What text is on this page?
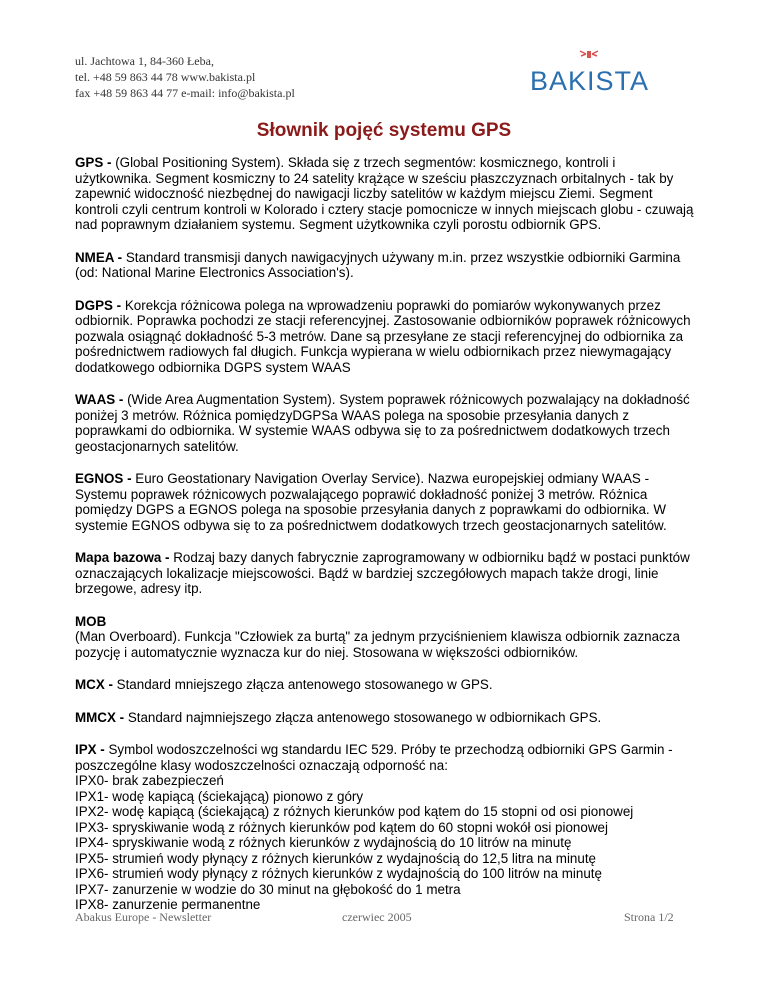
ul. Jachtowa 1, 84-360 Łeba,
tel. +48 59 863 44 78 www.bakista.pl
fax +48 59 863 44 77 e-mail: info@bakista.pl	BAKISTA
Słownik pojęć systemu GPS

GPS - (Global Positioning System). Składa się z trzech segmentów: kosmicznego, kontroli i użytkownika. Segment kosmiczny to 24 satelity krążące w sześciu płaszczyznach orbitalnych - tak by zapewnić widoczność niezbędnej do nawigacji liczby satelitów w każdym miejscu Ziemi. Segment kontroli czyli centrum kontroli w Kolorado i cztery stacje pomocnicze w innych miejscach globu - czuwają nad poprawnym działaniem systemu. Segment użytkownika czyli porostu odbiornik GPS.

NMEA - Standard transmisji danych nawigacyjnych używany m.in. przez wszystkie odbiorniki Garmina (od: National Marine Electronics Association's).

DGPS - Korekcja różnicowa polega na wprowadzeniu poprawki do pomiarów wykonywanych przez odbiornik. Poprawka pochodzi ze stacji referencyjnej. Zastosowanie odbiorników poprawek różnicowych pozwala osiągnąć dokładność 5-3 metrów. Dane są przesyłane ze stacji referencyjnej do odbiornika za pośrednictwem radiowych fal długich. Funkcja wypierana w wielu odbiornikach przez niewymagający dodatkowego odbiornika DGPS system WAAS

WAAS - (Wide Area Augmentation System). System poprawek różnicowych pozwalający na dokładność poniżej 3 metrów. Różnica pomiędzyDGPSa WAAS polega na sposobie przesyłania danych z poprawkami do odbiornika. W systemie WAAS odbywa się to za pośrednictwem dodatkowych trzech geostacjonarnych satelitów.

EGNOS - Euro Geostationary Navigation Overlay Service). Nazwa europejskiej odmiany WAAS - Systemu poprawek różnicowych pozwalającego poprawić dokładność poniżej 3 metrów. Różnica pomiędzy DGPS a EGNOS polega na sposobie przesyłania danych z poprawkami do odbiornika. W systemie EGNOS odbywa się to za pośrednictwem dodatkowych trzech geostacjonarnych satelitów.

Mapa bazowa - Rodzaj bazy danych fabrycznie zaprogramowany w odbiorniku bądź w postaci punktów oznaczających lokalizacje miejscowości. Bądź w bardziej szczegółowych mapach także drogi, linie brzegowe, adresy itp.

MOB
(Man Overboard). Funkcja "Człowiek za burtą" za jednym przyciśnieniem klawisza odbiornik zaznacza pozycję i automatycznie wyznacza kur do niej. Stosowana w większości odbiorników.

MCX - Standard mniejszego złącza antenowego stosowanego w GPS.

MMCX - Standard najmniejszego złącza antenowego stosowanego w odbiornikach GPS.

IPX - Symbol wodoszczelności wg standardu IEC 529. Próby te przechodzą odbiorniki GPS Garmin - poszczególne klasy wodoszczelności oznaczają odporność na:
IPX0- brak zabezpieczeń
IPX1- wodę kapiącą (ściekającą) pionowo z góry
IPX2- wodę kapiącą (ściekającą) z różnych kierunków pod kątem do 15 stopni od osi pionowej
IPX3- spryskiwanie wodą z różnych kierunków pod kątem do 60 stopni wokół osi pionowej
IPX4- spryskiwanie wodą z różnych kierunków z wydajnością do 10 litrów na minutę
IPX5- strumień wody płynący z różnych kierunków z wydajnością do 12,5 litra na minutę
IPX6- strumień wody płynący z różnych kierunków z wydajnością do 100 litrów na minutę
IPX7- zanurzenie w wodzie do 30 minut na głębokość do 1 metra
IPX8- zanurzenie permanentne

Abakus Europe - Newsletter	czerwiec 2005	Strona 1/2
